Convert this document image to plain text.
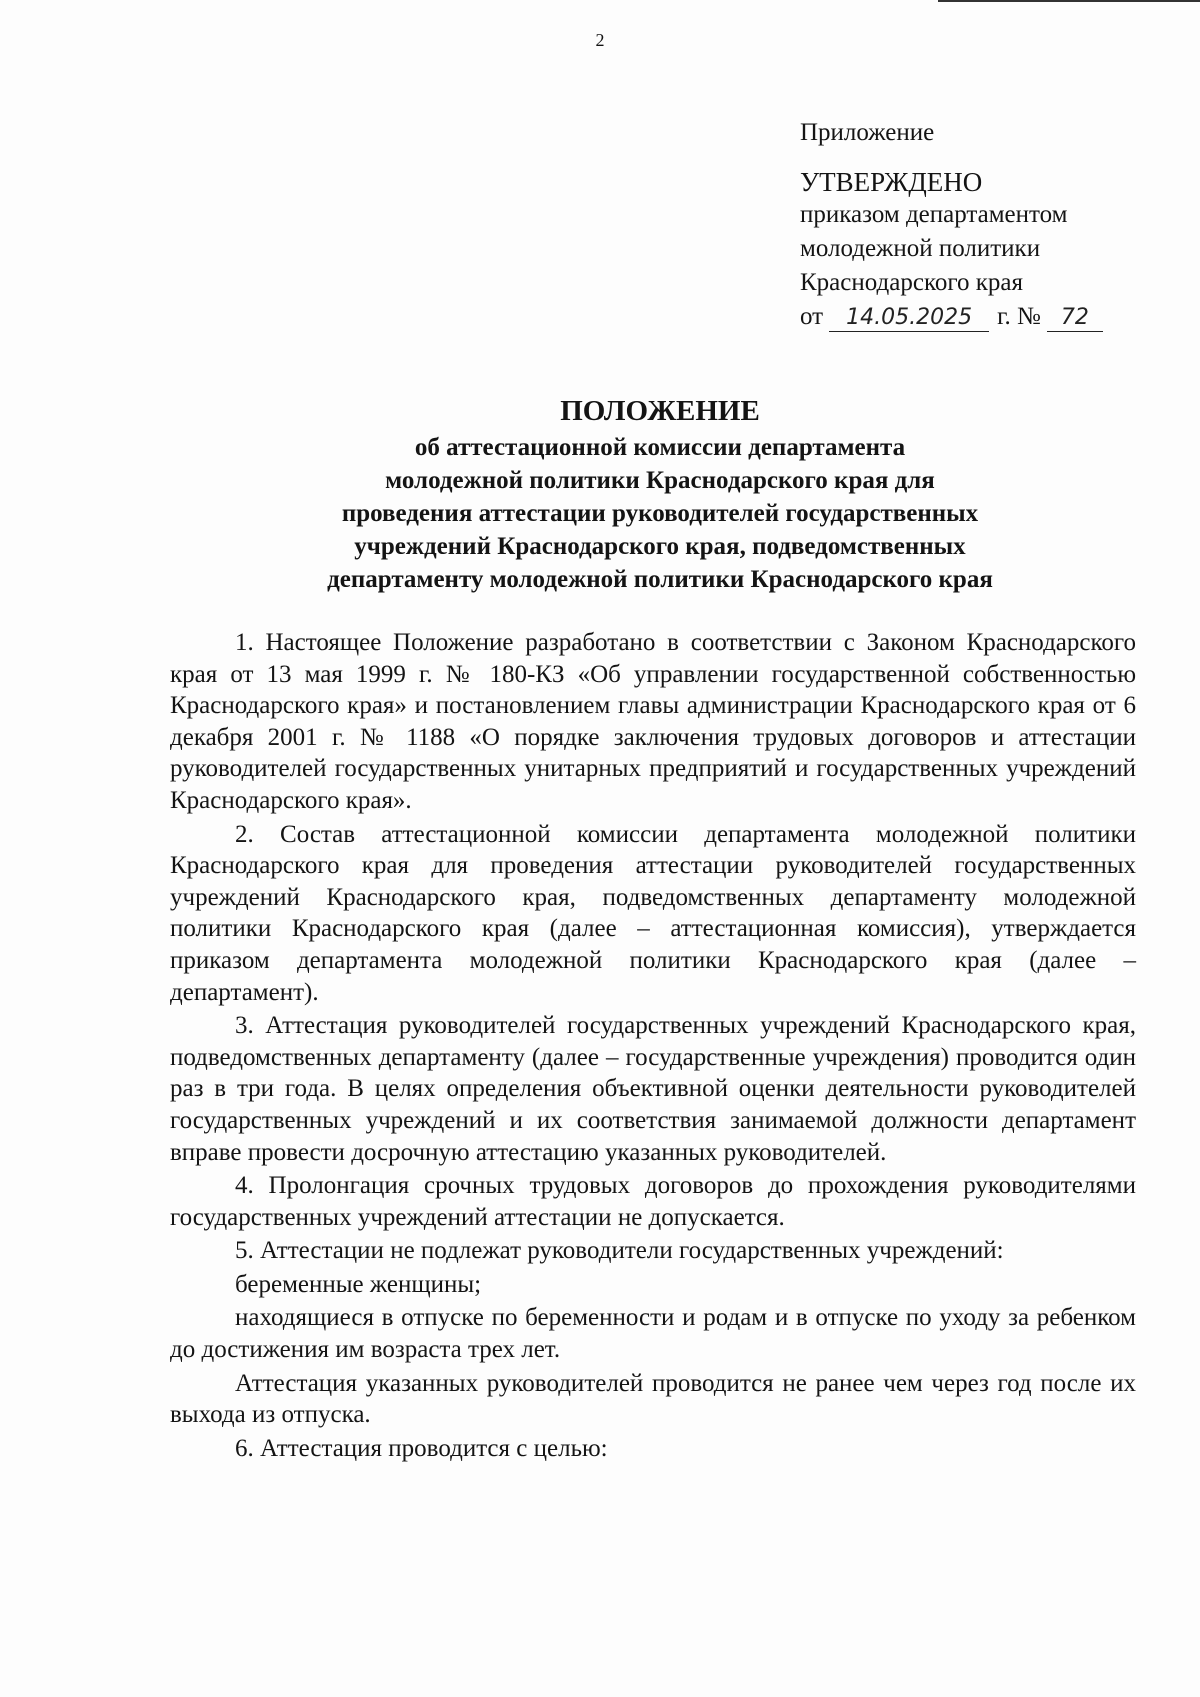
2
Приложение
УТВЕРЖДЕНО
приказом департаментом
молодежной политики
Краснодарского края
от 14.05.2025 г. № 72
ПОЛОЖЕНИЕ
об аттестационной комиссии департамента
молодежной политики Краснодарского края для
проведения аттестации руководителей государственных
учреждений Краснодарского края, подведомственных
департаменту молодежной политики Краснодарского края

1. Настоящее Положение разработано в соответствии с Законом Краснодарского края от 13 мая 1999 г. № 180-КЗ «Об управлении государственной собственностью Краснодарского края» и постановлением главы администрации Краснодарского края от 6 декабря 2001 г. № 1188 «О порядке заключения трудовых договоров и аттестации руководителей государственных унитарных предприятий и государственных учреждений Краснодарского края».

2. Состав аттестационной комиссии департамента молодежной политики Краснодарского края для проведения аттестации руководителей государственных учреждений Краснодарского края, подведомственных департаменту молодежной политики Краснодарского края (далее – аттестационная комиссия), утверждается приказом департамента молодежной политики Краснодарского края (далее – департамент).

3. Аттестация руководителей государственных учреждений Краснодарского края, подведомственных департаменту (далее – государственные учреждения) проводится один раз в три года. В целях определения объективной оценки деятельности руководителей государственных учреждений и их соответствия занимаемой должности департамент вправе провести досрочную аттестацию указанных руководителей.

4. Пролонгация срочных трудовых договоров до прохождения руководителями государственных учреждений аттестации не допускается.

5. Аттестации не подлежат руководители государственных учреждений:

беременные женщины;

находящиеся в отпуске по беременности и родам и в отпуске по уходу за ребенком до достижения им возраста трех лет.

Аттестация указанных руководителей проводится не ранее чем через год после их выхода из отпуска.

6. Аттестация проводится с целью:
